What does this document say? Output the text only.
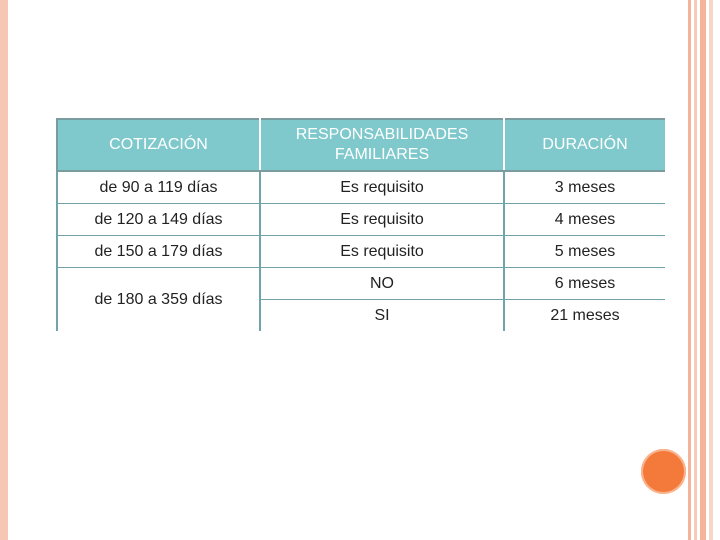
COTIZACIÓN	RESPONSABILIDADES FAMILIARES	DURACIÓN
de 90 a 119 días	Es requisito	3 meses
de 120 a 149 días	Es requisito	4 meses
de 150 a 179 días	Es requisito	5 meses
de 180 a 359 días	NO	6 meses
	SI	21 meses
